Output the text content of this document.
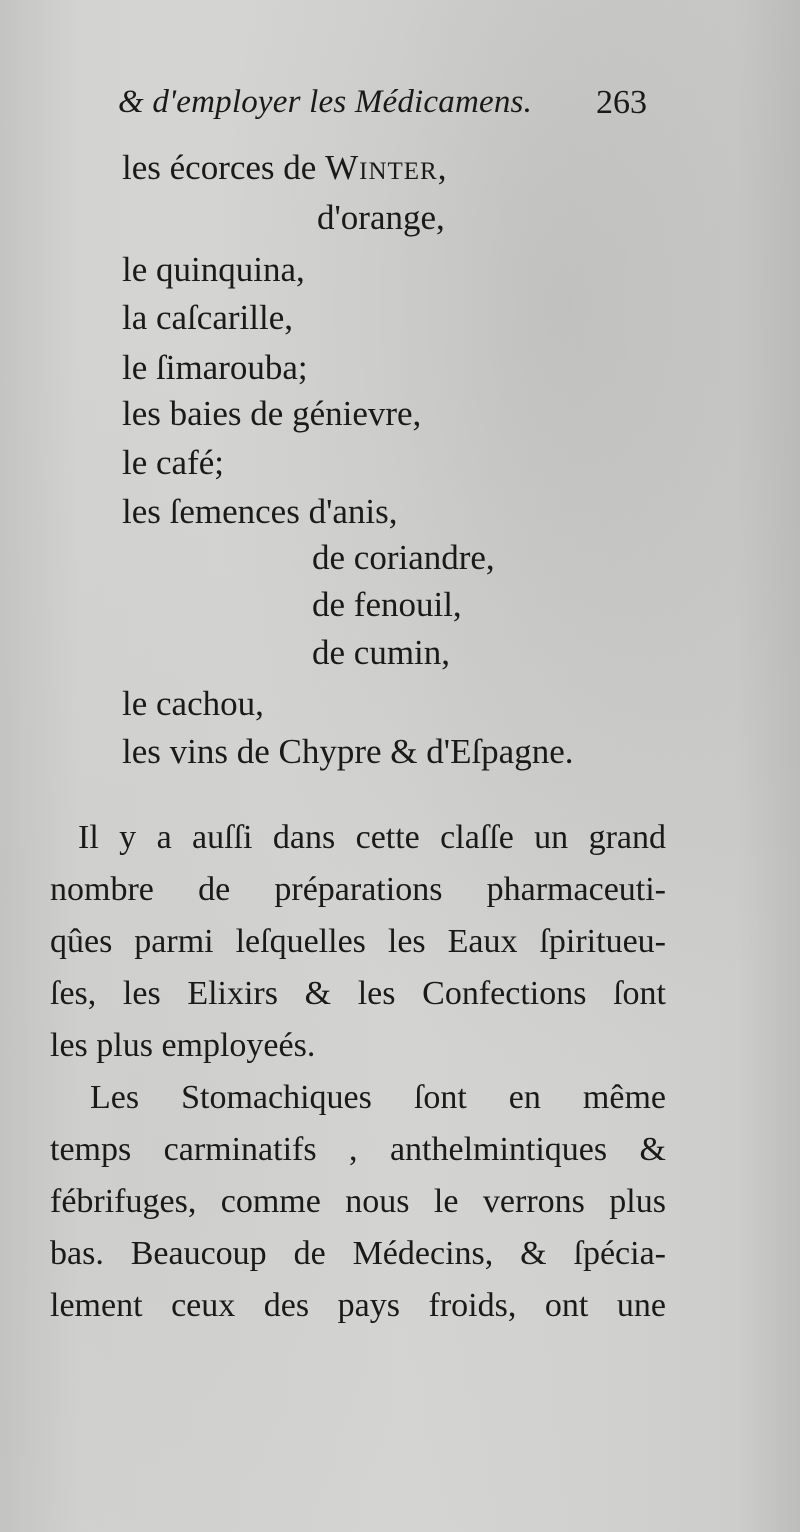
& d'employer les Médicamens. 263
les écorces de Winter,
d'orange,
le quinquina,
la caſcarille,
le ſimarouba;
les baies de génievre,
le café;
les ſemences d'anis,
de coriandre,
de fenouil,
de cumin,
le cachou,
les vins de Chypre & d'Eſpagne.
Il y a auſſi dans cette claſſe un grand
nombre de préparations pharmaceuti-
qûes parmi leſquelles les Eaux ſpiritueu-
ſes, les Elixirs & les Confections ſont
les plus employeés.
Les Stomachiques ſont en même
temps carminatifs , anthelmintiques &
fébrifuges, comme nous le verrons plus
bas. Beaucoup de Médecins, & ſpécia-
lement ceux des pays froids, ont une
